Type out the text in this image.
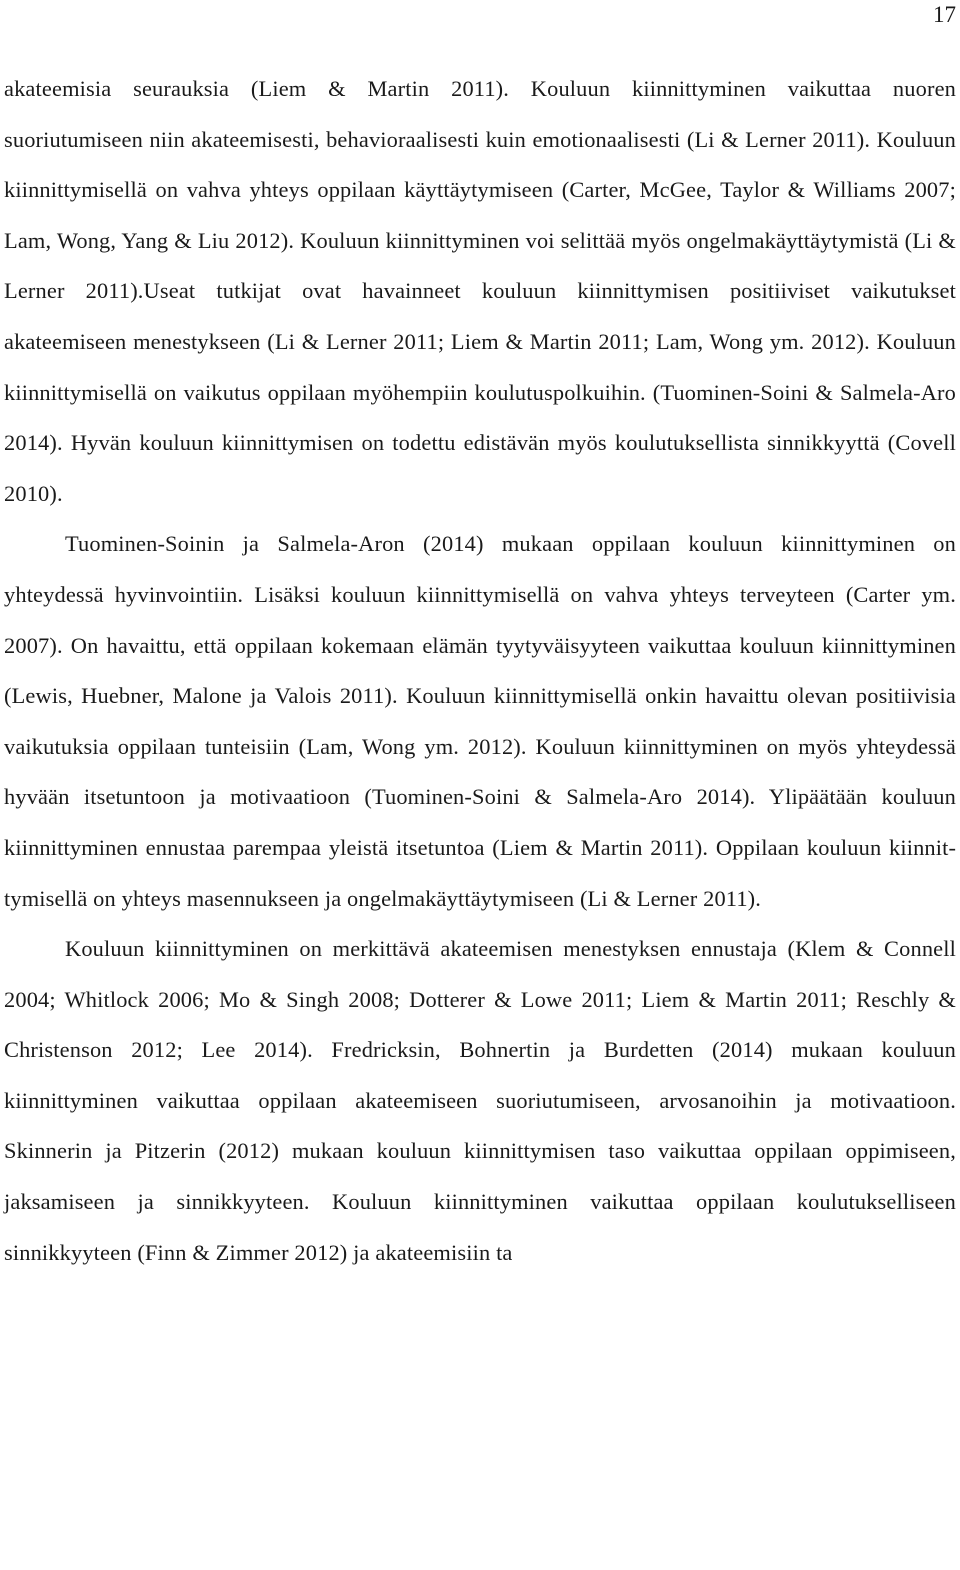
17

akateemisia seurauksia (Liem & Martin 2011). Kouluun kiinnittyminen vaikuttaa nuoren suoriutumiseen niin akateemisesti, behavioraalisesti kuin emotionaalisesti (Li & Lerner 2011). Kouluun kiinnittymisellä on vahva yhteys oppilaan käyttäytymiseen (Carter, McGee, Taylor & Williams 2007; Lam, Wong, Yang & Liu 2012). Kouluun kiinnittyminen voi selittää myös ongelmakäyttäytymistä (Li & Lerner 2011).Useat tutkijat ovat havainneet kouluun kiinnittymisen positiiviset vaikutukset akateemiseen menestykseen (Li & Lerner 2011; Liem & Martin 2011; Lam, Wong ym. 2012). Kouluun kiinnittymisellä on vaikutus oppilaan myöhempiin koulutuspolkuihin. (Tuominen-Soini & Salmela-Aro 2014). Hyvän kouluun kiinnittymisen on todettu edistävän myös koulutuksellista sinnikkyyttä (Covell 2010).

Tuominen-Soinin ja Salmela-Aron (2014) mukaan oppilaan kouluun kiinnittyminen on yhteydessä hyvinvointiin. Lisäksi kouluun kiinnittymisellä on vahva yhteys terveyteen (Carter ym. 2007). On havaittu, että oppilaan kokemaan elämän tyytyväisyyteen vaikuttaa kouluun kiinnittyminen (Lewis, Huebner, Malone ja Valois 2011). Kouluun kiinnittymisellä onkin havaittu olevan positiivisia vaikutuksia oppilaan tunteisiin (Lam, Wong ym. 2012). Kouluun kiinnittyminen on myös yhteydessä hyvään itsetuntoon ja motivaatioon (Tuominen-Soini & Salmela-Aro 2014). Ylipäätään kouluun kiinnittyminen ennustaa parempaa yleistä itsetuntoa (Liem & Martin 2011). Oppilaan kouluun kiinnittymisellä on yhteys masennukseen ja ongelmakäyttäytymiseen (Li & Lerner 2011).

Kouluun kiinnittyminen on merkittävä akateemisen menestyksen ennustaja (Klem & Connell 2004; Whitlock 2006; Mo & Singh 2008; Dotterer & Lowe 2011; Liem & Martin 2011; Reschly & Christenson 2012; Lee 2014). Fredricksin, Bohnertin ja Burdetten (2014) mukaan kouluun kiinnittyminen vaikuttaa oppilaan akateemiseen suoriutumiseen, arvosanoihin ja motivaatioon. Skinnerin ja Pitzerin (2012) mukaan kouluun kiinnittymisen taso vaikuttaa oppilaan oppimiseen, jaksamiseen ja sinnikkyyteen. Kouluun kiinnittyminen vaikuttaa oppilaan koulutukselliseen sinnikkyyteen (Finn & Zimmer 2012) ja akateemisiin ta
